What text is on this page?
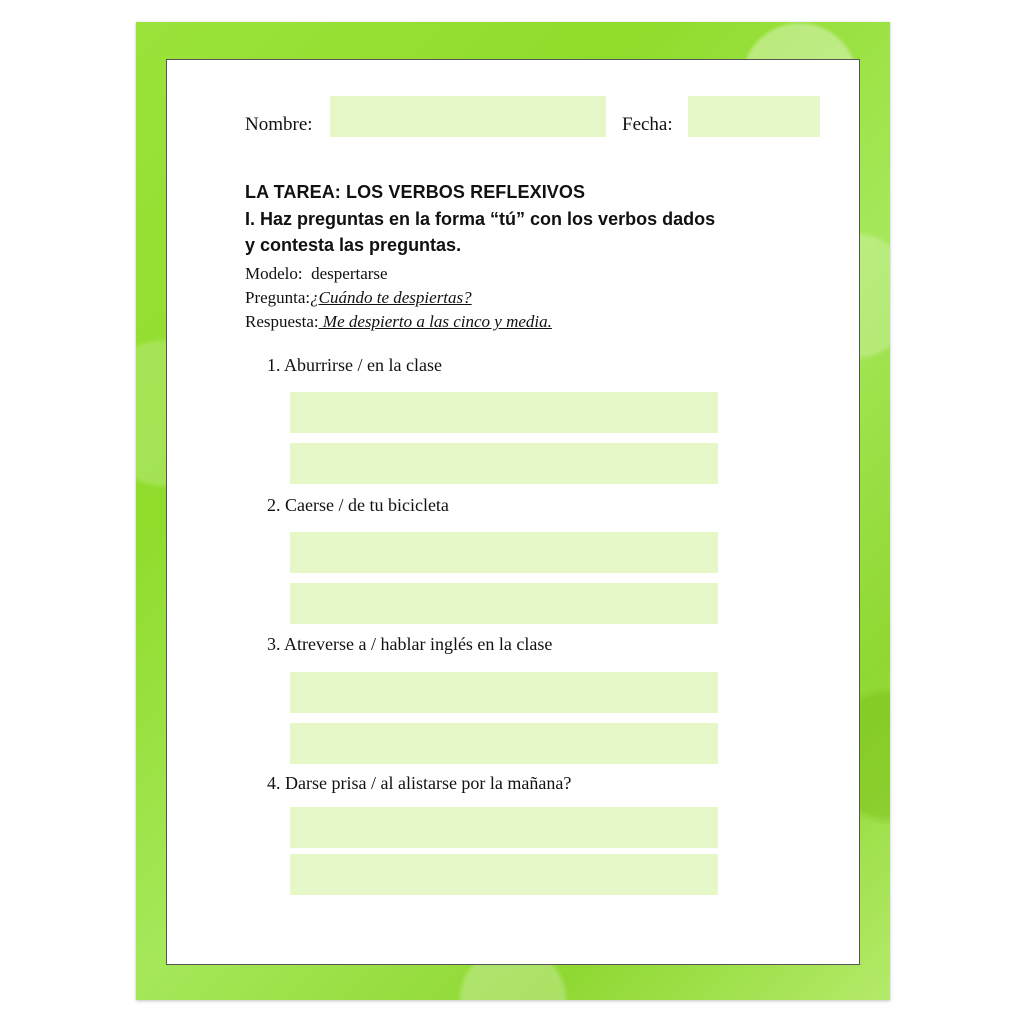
Nombre:	Fecha:
LA TAREA: LOS VERBOS REFLEXIVOS
I. Haz preguntas en la forma “tú” con los verbos dados
y contesta las preguntas.
Modelo: despertarse
Pregunta:¿Cuándo te despiertas?
Respuesta: Me despierto a las cinco y media.
1. Aburrirse / en la clase
2. Caerse / de tu bicicleta
3. Atreverse a / hablar inglés en la clase
4. Darse prisa / al alistarse por la mañana?
